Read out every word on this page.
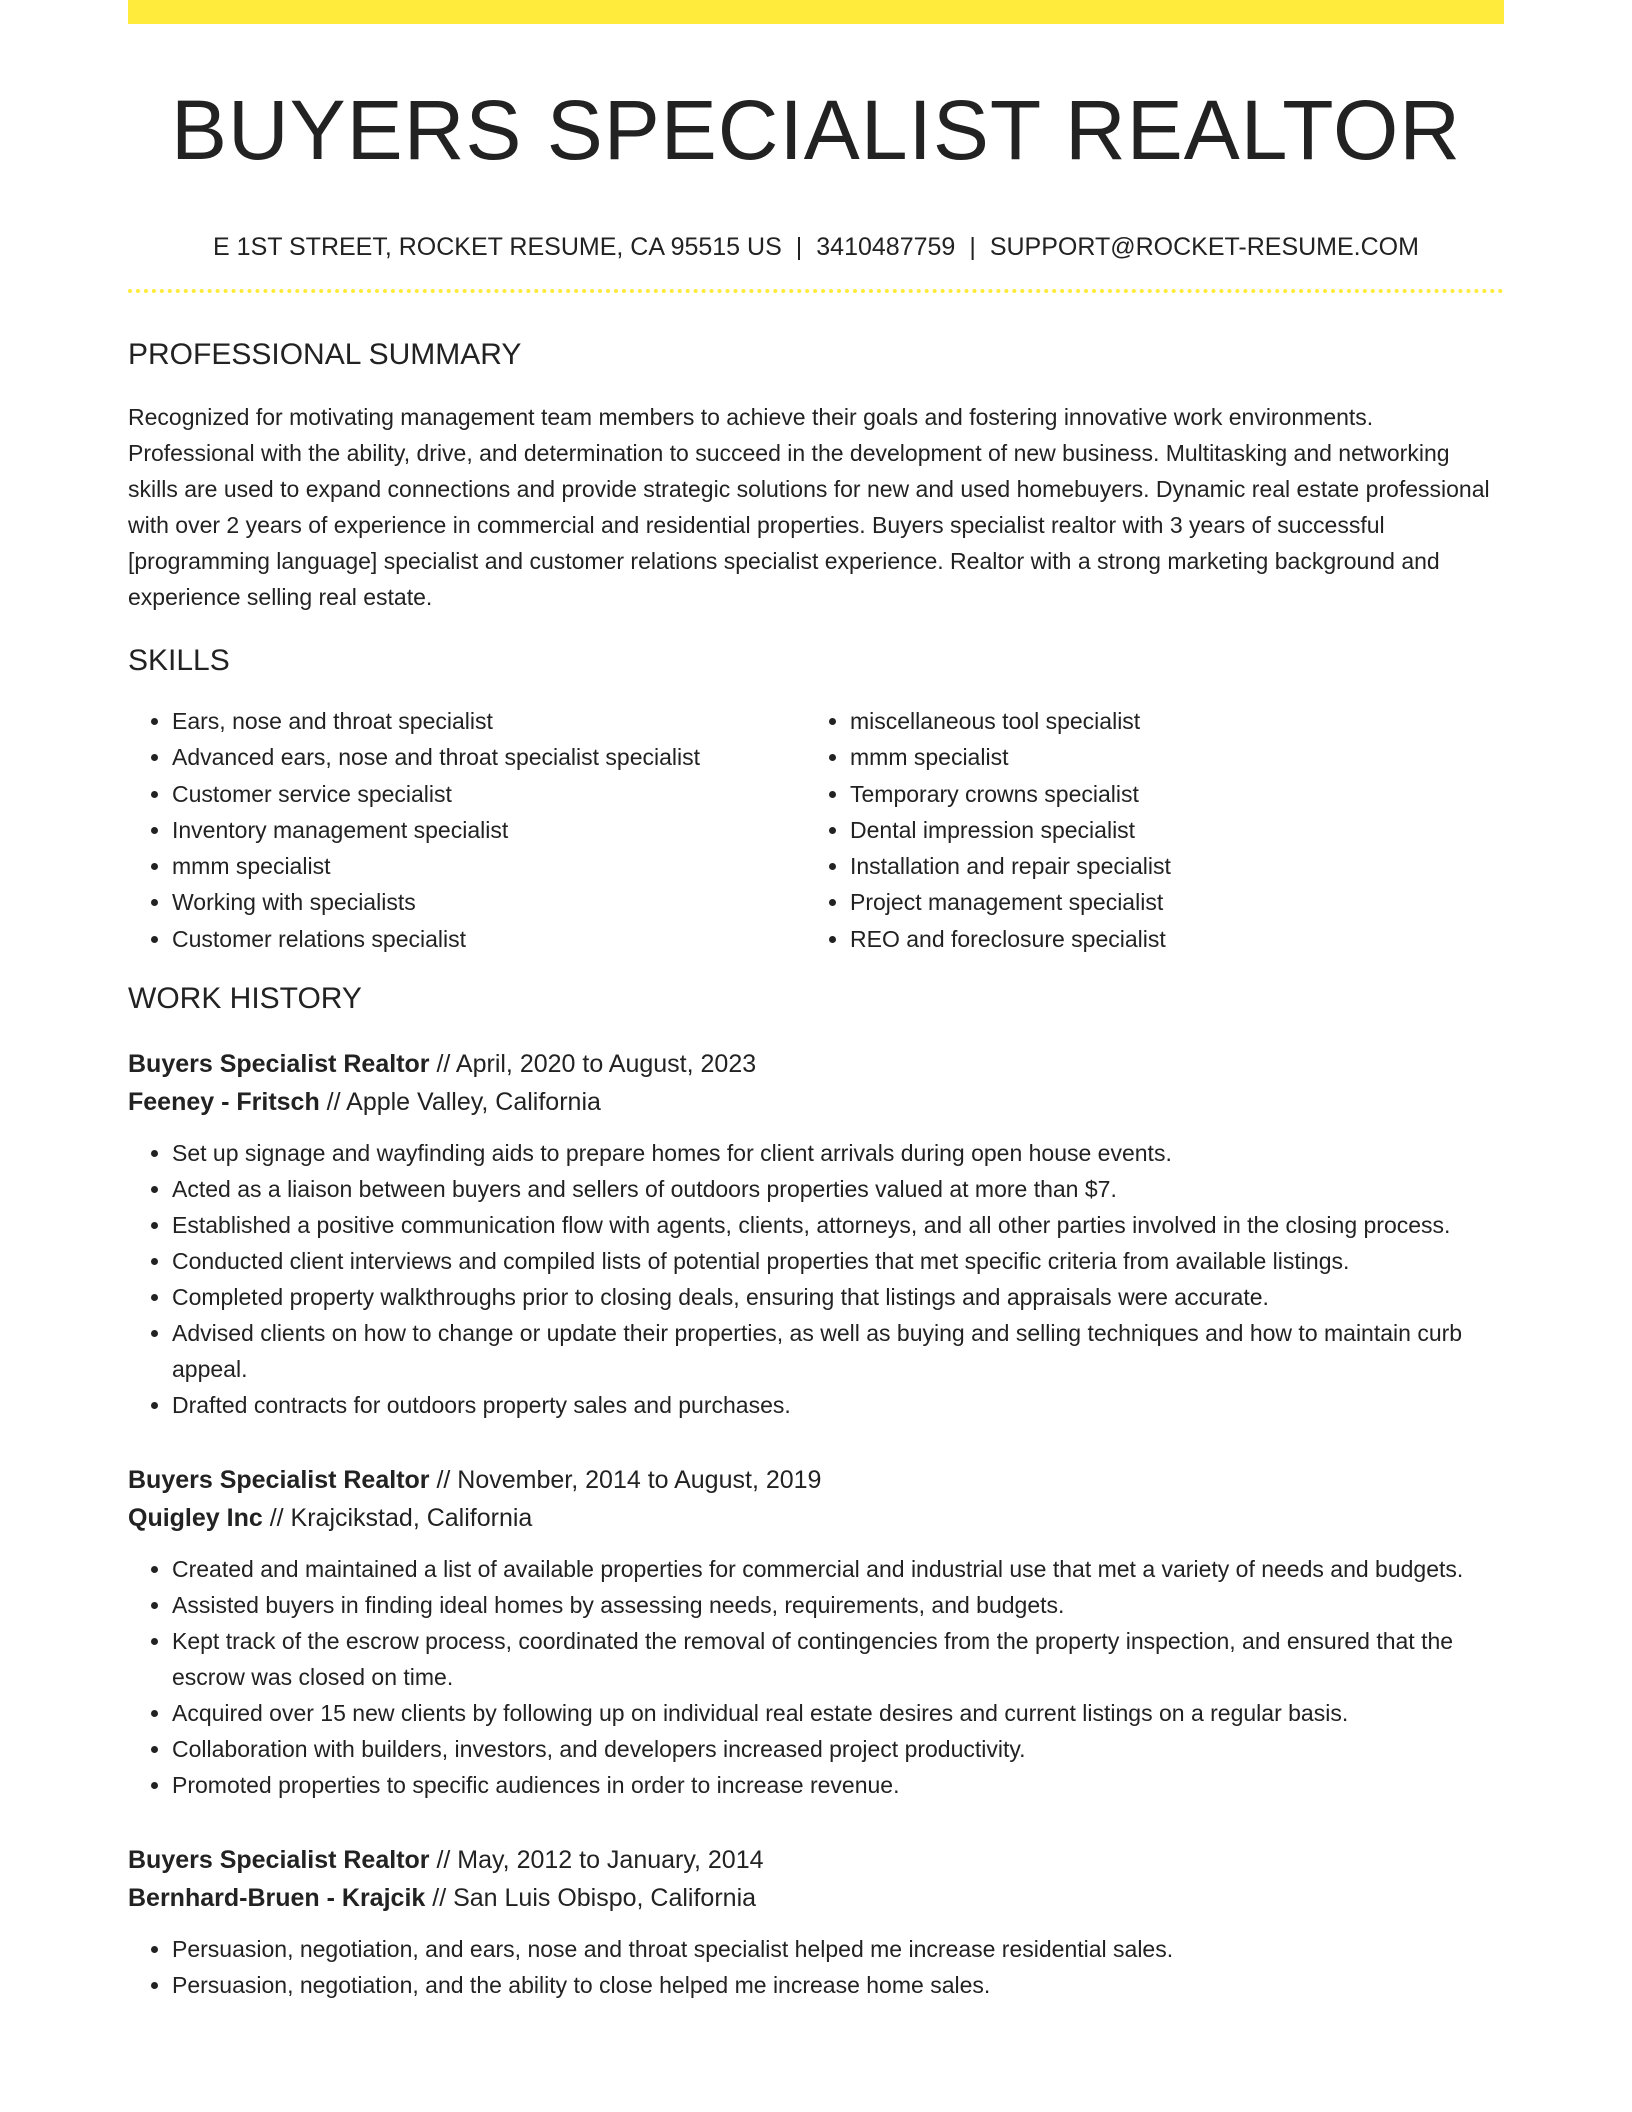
BUYERS SPECIALIST REALTOR
E 1ST STREET, ROCKET RESUME, CA 95515 US | 3410487759 | SUPPORT@ROCKET-RESUME.COM
PROFESSIONAL SUMMARY
Recognized for motivating management team members to achieve their goals and fostering innovative work environments. Professional with the ability, drive, and determination to succeed in the development of new business. Multitasking and networking skills are used to expand connections and provide strategic solutions for new and used homebuyers. Dynamic real estate professional with over 2 years of experience in commercial and residential properties. Buyers specialist realtor with 3 years of successful [programming language] specialist and customer relations specialist experience. Realtor with a strong marketing background and experience selling real estate.
SKILLS
• Ears, nose and throat specialist
• Advanced ears, nose and throat specialist specialist
• Customer service specialist
• Inventory management specialist
• mmm specialist
• Working with specialists
• Customer relations specialist
• miscellaneous tool specialist
• mmm specialist
• Temporary crowns specialist
• Dental impression specialist
• Installation and repair specialist
• Project management specialist
• REO and foreclosure specialist
WORK HISTORY
Buyers Specialist Realtor // April, 2020 to August, 2023
Feeney - Fritsch // Apple Valley, California
• Set up signage and wayfinding aids to prepare homes for client arrivals during open house events.
• Acted as a liaison between buyers and sellers of outdoors properties valued at more than $7.
• Established a positive communication flow with agents, clients, attorneys, and all other parties involved in the closing process.
• Conducted client interviews and compiled lists of potential properties that met specific criteria from available listings.
• Completed property walkthroughs prior to closing deals, ensuring that listings and appraisals were accurate.
• Advised clients on how to change or update their properties, as well as buying and selling techniques and how to maintain curb appeal.
• Drafted contracts for outdoors property sales and purchases.
Buyers Specialist Realtor // November, 2014 to August, 2019
Quigley Inc // Krajcikstad, California
• Created and maintained a list of available properties for commercial and industrial use that met a variety of needs and budgets.
• Assisted buyers in finding ideal homes by assessing needs, requirements, and budgets.
• Kept track of the escrow process, coordinated the removal of contingencies from the property inspection, and ensured that the escrow was closed on time.
• Acquired over 15 new clients by following up on individual real estate desires and current listings on a regular basis.
• Collaboration with builders, investors, and developers increased project productivity.
• Promoted properties to specific audiences in order to increase revenue.
Buyers Specialist Realtor // May, 2012 to January, 2014
Bernhard-Bruen - Krajcik // San Luis Obispo, California
• Persuasion, negotiation, and ears, nose and throat specialist helped me increase residential sales.
• Persuasion, negotiation, and the ability to close helped me increase home sales.
